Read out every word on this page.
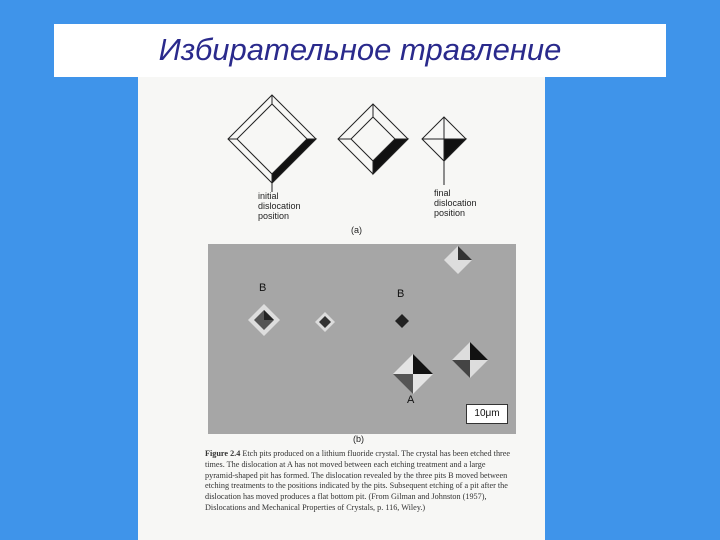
Избирательное травление
initial
dislocation
position
final
dislocation
position
(a)
B	B
A
10μm
(b)
Figure 2.4 Etch pits produced on a lithium fluoride crystal. The crystal has been etched three times. The dislocation at A has not moved between each etching treatment and a large pyramid-shaped pit has formed. The dislocation revealed by the three pits B moved between etching treatments to the positions indicated by the pits. Subsequent etching of a pit after the dislocation has moved produces a flat bottom pit. (From Gilman and Johnston (1957), Dislocations and Mechanical Properties of Crystals, p. 116, Wiley.)
